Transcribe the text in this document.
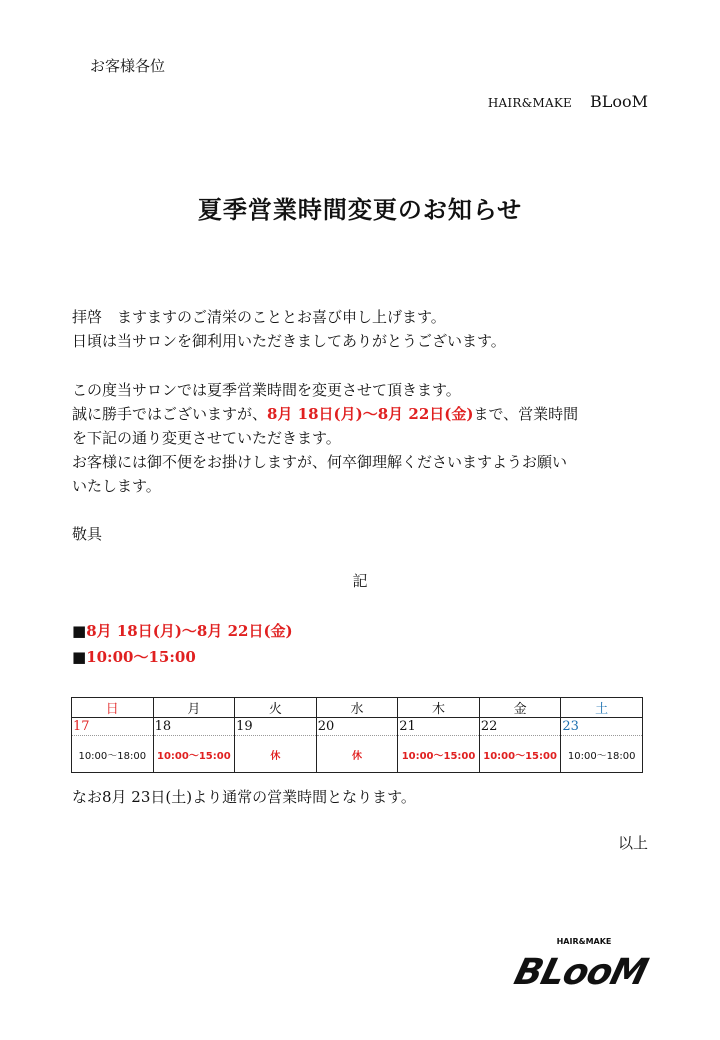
お客様各位
HAIR&MAKE BLooM
夏季営業時間変更のお知らせ

拝啓　ますますのご清栄のこととお喜び申し上げます。

日頃は当サロンを御利用いただきましてありがとうございます。

この度当サロンでは夏季営業時間を変更させて頂きます。

誠に勝手ではございますが、8月 18日(月)～8月 22日(金)まで、営業時間

を下記の通り変更させていただきます。

お客様には御不便をお掛けしますが、何卒御理解くださいますようお願い

いたします。

敬具
記
■8月 18日(月)～8月 22日(金)
■10:00～15:00
日	月	火	水	木	金	土
17	18	19	20	21	22	23
10:00～18:00	10:00～15:00	休	休	10:00～15:00	10:00～15:00	10:00～18:00
なお8月 23日(土)より通常の営業時間となります。
以上
HAIR&MAKE
BLooM
